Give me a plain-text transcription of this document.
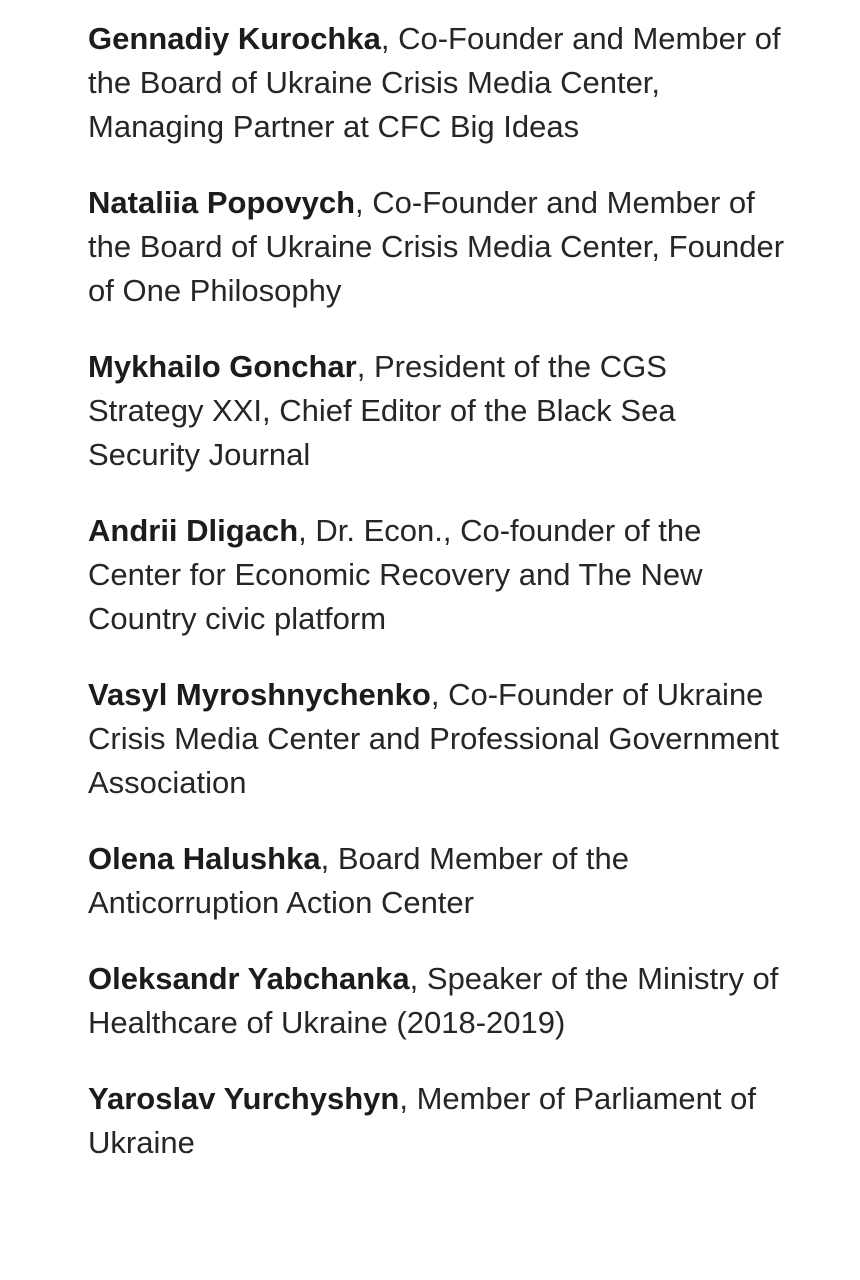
Gennadiy Kurochka, Co-Founder and Member of the Board of Ukraine Crisis Media Center, Managing Partner at CFC Big Ideas

Nataliia Popovych, Co-Founder and Member of the Board of Ukraine Crisis Media Center, Founder of One Philosophy

Mykhailo Gonchar, President of the CGS Strategy XXI, Chief Editor of the Black Sea Security Journal

Andrii Dligach, Dr. Econ., Co-founder of the Center for Economic Recovery and The New Country civic platform

Vasyl Myroshnychenko, Co-Founder of Ukraine Crisis Media Center and Professional Government Association

Olena Halushka, Board Member of the Anticorruption Action Center

Oleksandr Yabchanka, Speaker of the Ministry of Healthcare of Ukraine (2018-2019)

Yaroslav Yurchyshyn, Member of Parliament of Ukraine
